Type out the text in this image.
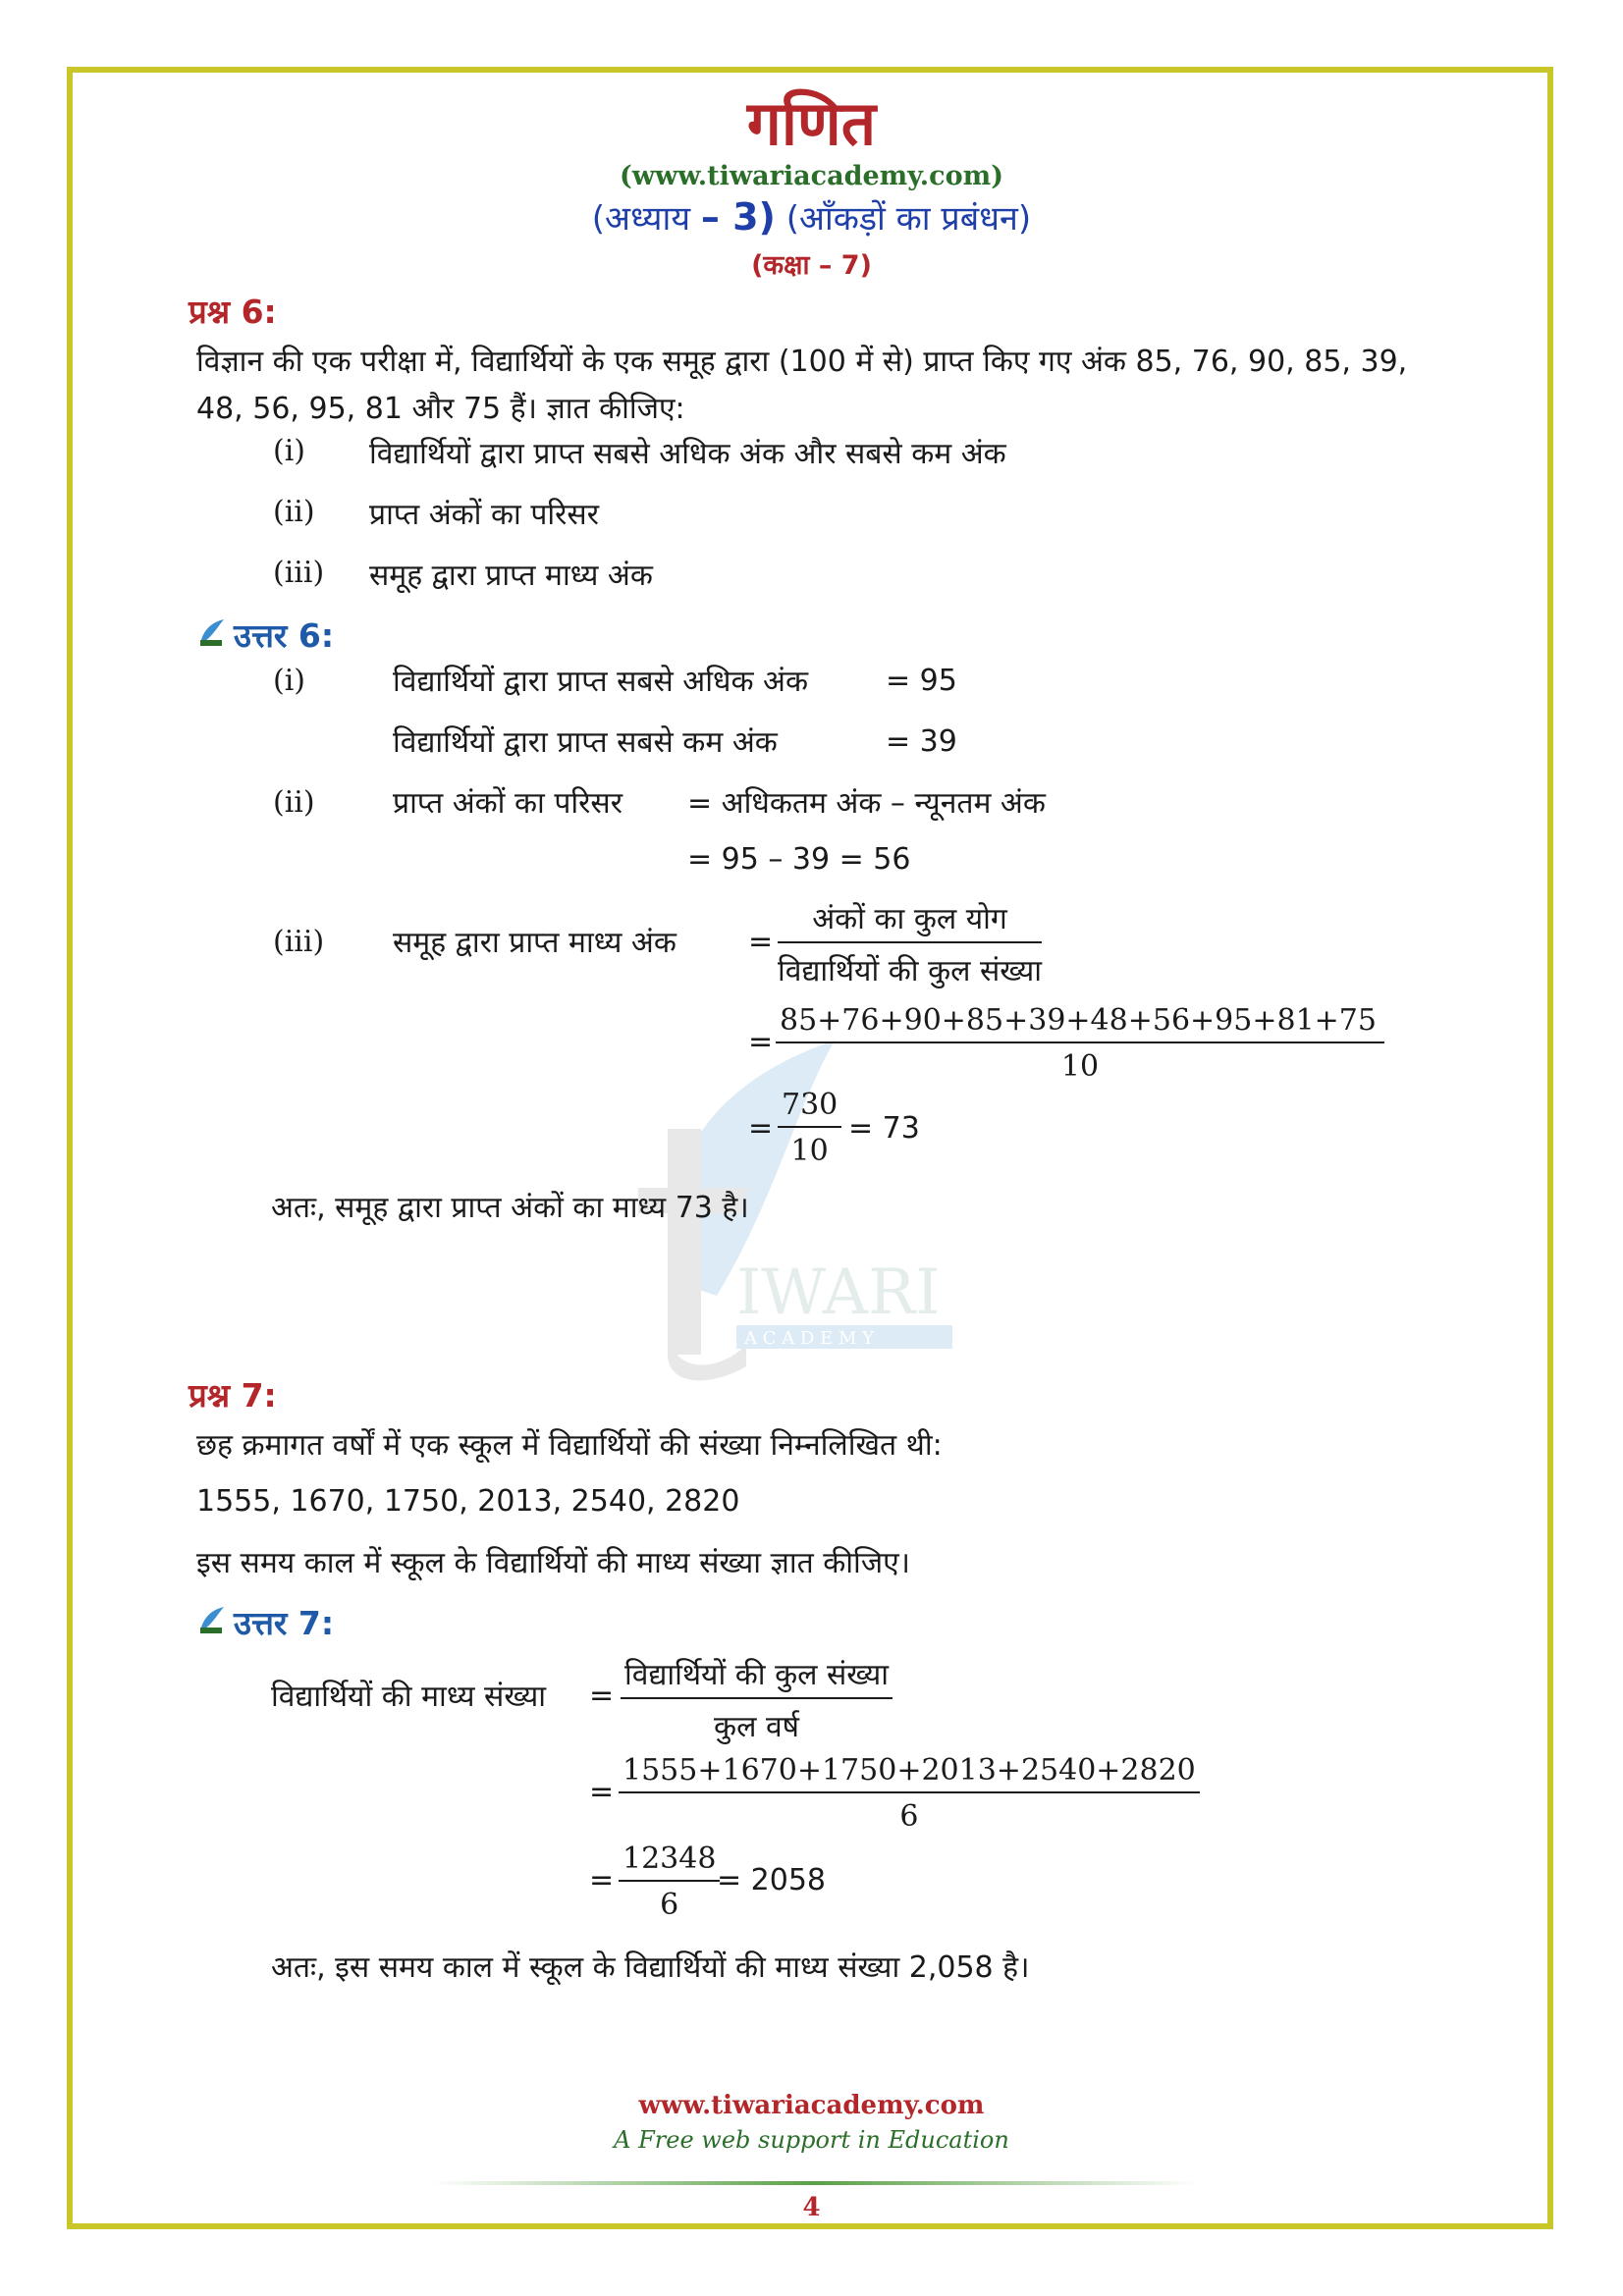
IWARI
A C A D E M Y
गणित
(www.tiwariacademy.com)
(अध्याय – 3) (आँकड़ों का प्रबंधन)
(कक्षा – 7)
प्रश्न 6:
विज्ञान की एक परीक्षा में, विद्यार्थियों के एक समूह द्वारा (100 में से) प्राप्त किए गए अंक 85, 76, 90, 85, 39,
48, 56, 95, 81 और 75 हैं। ज्ञात कीजिए:
(i) विद्यार्थियों द्वारा प्राप्त सबसे अधिक अंक और सबसे कम अंक
(ii) प्राप्त अंकों का परिसर
(iii) समूह द्वारा प्राप्त माध्य अंक
उत्तर 6:
(i)	विद्यार्थियों द्वारा प्राप्त सबसे अधिक अंक	= 95
विद्यार्थियों द्वारा प्राप्त सबसे कम अंक	= 39
(ii)	प्राप्त अंकों का परिसर = अधिकतम अंक – न्यूनतम अंक
= 95 – 39 = 56
(iii) समूह द्वारा प्राप्त माध्य अंक =
अंकों का कुल योग
विद्यार्थियों की कुल संख्या
= $\frac{85+76+90+85+39+48+56+95+81+75}{10}$
= $\frac{730}{10} = 73$
अतः, समूह द्वारा प्राप्त अंकों का माध्य 73 है।
प्रश्न 7:
छह क्रमागत वर्षों में एक स्कूल में विद्यार्थियों की संख्या निम्नलिखित थी:
1555, 1670, 1750, 2013, 2540, 2820
इस समय काल में स्कूल के विद्यार्थियों की माध्य संख्या ज्ञात कीजिए।
उत्तर 7:
विद्यार्थियों की माध्य संख्या =
विद्यार्थियों की कुल संख्या
कुल वर्ष
= $\frac{1555+1670+1750+2013+2540+2820}{6}$
= $\frac{12348}{6}$
= 2058
अतः, इस समय काल में स्कूल के विद्यार्थियों की माध्य संख्या 2,058 है।
www.tiwariacademy.com
A Free web support in Education
4
